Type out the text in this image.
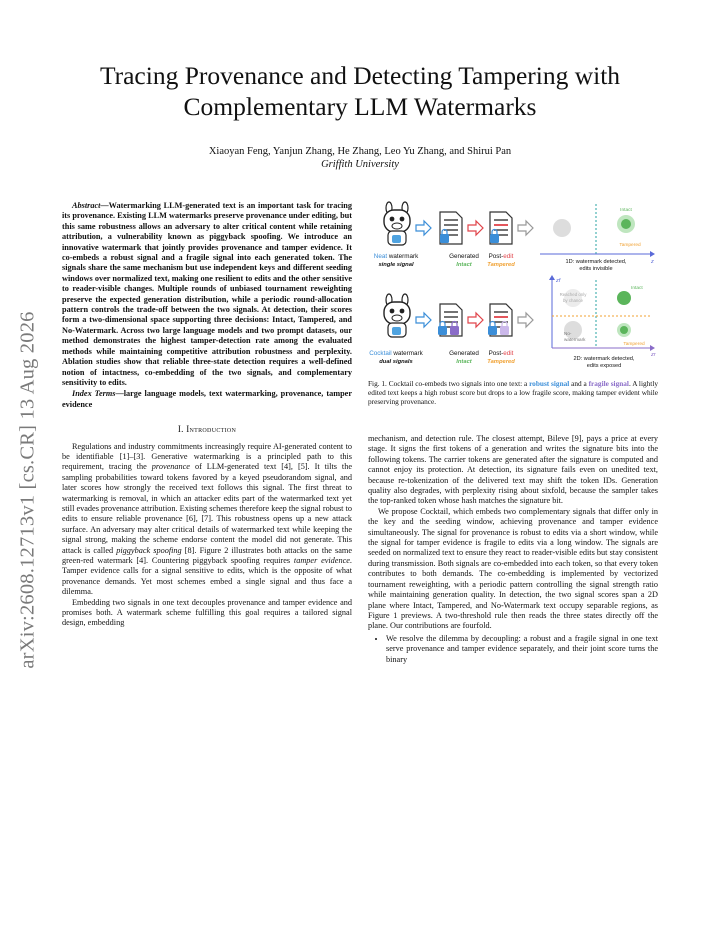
arXiv:2608.12713v1 [cs.CR] 13 Aug 2026
Tracing Provenance and Detecting Tampering with Complementary LLM Watermarks
Xiaoyan Feng, Yanjun Zhang, He Zhang, Leo Yu Zhang, and Shirui Pan
Griffith University

Abstract—Watermarking LLM-generated text is an important task for tracing its provenance. Existing LLM watermarks preserve provenance under editing, but this same robustness allows an adversary to alter critical content while retaining attribution, a vulnerability known as piggyback spoofing. We introduce an innovative watermark that jointly provides provenance and tamper evidence. It co-embeds a robust signal and a fragile signal into each generated token. The signals share the same mechanism but use independent keys and different seeding windows over normalized text, making one resilient to edits and the other sensitive to reader-visible changes. Multiple rounds of unbiased tournament reweighting preserve the expected generation distribution, while a periodic round-allocation pattern controls the trade-off between the two signals. At detection, their scores form a two-dimensional space supporting three decisions: Intact, Tampered, and No-Watermark. Across two large language models and two prompt datasets, our method demonstrates the highest tamper-detection rate among the evaluated methods while maintaining competitive attribution robustness and perplexity. Ablation studies show that reliable three-state detection requires a well-defined notion of intactness, co-embedding of the two signals, and complementary sensitivity to edits.

Index Terms—large language models, text watermarking, provenance, tamper evidence

I. Introduction

Regulations and industry commitments increasingly require AI-generated content to be identifiable [1]–[3]. Generative watermarking is a principled path to this requirement, tracing the provenance of LLM-generated text [4], [5]. It tilts the sampling probabilities toward tokens favored by a keyed pseudorandom signal, and later scores how strongly the received text follows this signal. The first threat to watermarking is removal, in which an attacker edits part of the watermarked text yet still evades provenance attribution. Existing schemes therefore keep the signal robust to edits to ensure reliable provenance [6], [7]. This robustness opens up a new attack surface. An adversary may alter critical details of watermarked text while keeping the signal strong, making the scheme endorse content the model did not generate. This attack is called piggyback spoofing [8]. Figure 2 illustrates both attacks on the same green-red watermark [4]. Countering piggyback spoofing requires tamper evidence. Tamper evidence calls for a signal sensitive to edits, which is the opposite of what provenance demands. Yet most schemes embed a single signal and thus face a dilemma.

Embedding two signals in one text decouples provenance and tamper evidence and promises both. A watermark scheme fulfilling this goal requires a tailored signal design, embedding

Generated
Intact
Post-edit
Tampered
Neat watermark
single signal
No-watermark
Intact
Tampered
1D: watermark detected,
edits invisible
z
Reached only
by chance
No-
watermark
Intact
Tampered
zf
zr
Cocktail watermark
dual signals
Generated
Intact
Post-edit
Tampered	2D: watermark detected,
edits exposed
Fig. 1. Cocktail co-embeds two signals into one text: a robust signal and a fragile signal. A lightly edited text keeps a high robust score but drops to a low fragile score, making tamper evident while preserving provenance.

mechanism, and detection rule. The closest attempt, Bileve [9], pays a price at every stage. It signs the first tokens of a generation and writes the signature bits into the following tokens. The carrier tokens are generated after the signature is computed and cannot enjoy its protection. At detection, its signature fails even on unedited text, because re-tokenization of the delivered text may shift the token IDs. Generation quality also degrades, with perplexity rising about sixfold, because the sampler takes the top-ranked token whose hash matches the signature bit.

We propose Cocktail, which embeds two complementary signals that differ only in the key and the seeding window, achieving provenance and tamper evidence simultaneously. The signal for provenance is robust to edits via a short window, while the signal for tamper evidence is fragile to edits via a long window. The signals are seeded on normalized text to ensure they react to reader-visible edits but stay consistent during transmission. Both signals are co-embedded into each token, so that every token contributes to both demands. The co-embedding is implemented by vectorized tournament reweighting, with a periodic pattern controlling the signal strength ratio while maintaining generation quality. In detection, the two signal scores span a 2D plane where Intact, Tampered, and No-Watermark text occupy separable regions, as Figure 1 previews. A two-threshold rule then reads the three states directly off the plane. Our contributions are fourfold.

• We resolve the dilemma by decoupling: a robust and a fragile signal in one text serve provenance and tamper evidence separately, and their joint score turns the binary
